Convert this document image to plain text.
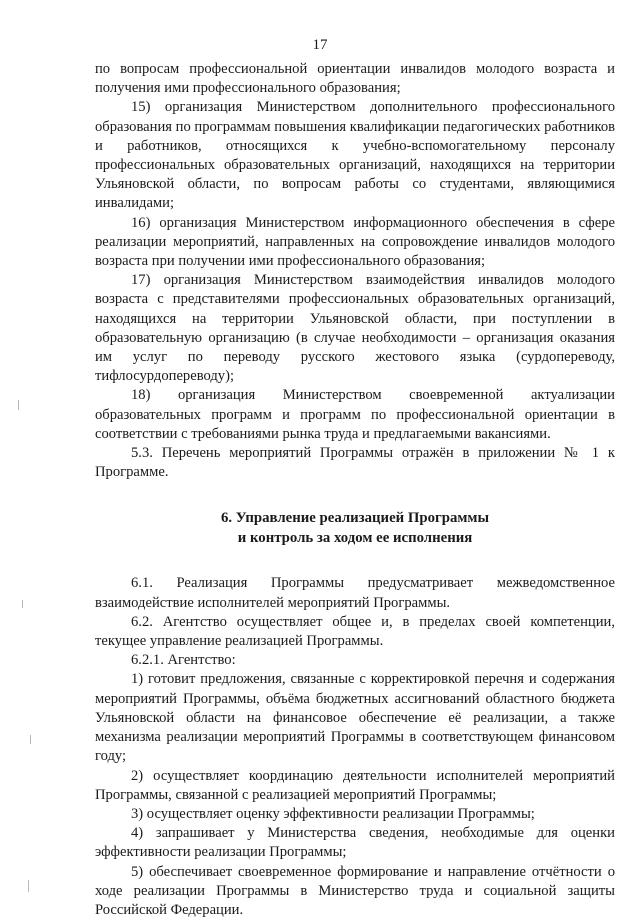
17

по вопросам профессиональной ориентации инвалидов молодого возраста и получения ими профессионального образования;

15) организация Министерством дополнительного профессионального образования по программам повышения квалификации педагогических работников и работников, относящихся к учебно-вспомогательному персоналу профессиональных образовательных организаций, находящихся на территории Ульяновской области, по вопросам работы со студентами, являющимися инвалидами;

16) организация Министерством информационного обеспечения в сфере реализации мероприятий, направленных на сопровождение инвалидов молодого возраста при получении ими профессионального образования;

17) организация Министерством взаимодействия инвалидов молодого возраста с представителями профессиональных образовательных организаций, находящихся на территории Ульяновской области, при поступлении в образовательную организацию (в случае необходимости – организация оказания им услуг по переводу русского жестового языка (сурдопереводу, тифлосурдопереводу);

18) организация Министерством своевременной актуализации образовательных программ и программ по профессиональной ориентации в соответствии с требованиями рынка труда и предлагаемыми вакансиями.

5.3. Перечень мероприятий Программы отражён в приложении № 1 к Программе.

6. Управление реализацией Программы
и контроль за ходом ее исполнения

6.1. Реализация Программы предусматривает межведомственное взаимодействие исполнителей мероприятий Программы.

6.2. Агентство осуществляет общее и, в пределах своей компетенции, текущее управление реализацией Программы.

6.2.1. Агентство:

1) готовит предложения, связанные с корректировкой перечня и содержания мероприятий Программы, объёма бюджетных ассигнований областного бюджета Ульяновской области на финансовое обеспечение её реализации, а также механизма реализации мероприятий Программы в соответствующем финансовом году;

2) осуществляет координацию деятельности исполнителей мероприятий Программы, связанной с реализацией мероприятий Программы;

3) осуществляет оценку эффективности реализации Программы;

4) запрашивает у Министерства сведения, необходимые для оценки эффективности реализации Программы;

5) обеспечивает своевременное формирование и направление отчётности о ходе реализации Программы в Министерство труда и социальной защиты Российской Федерации.
